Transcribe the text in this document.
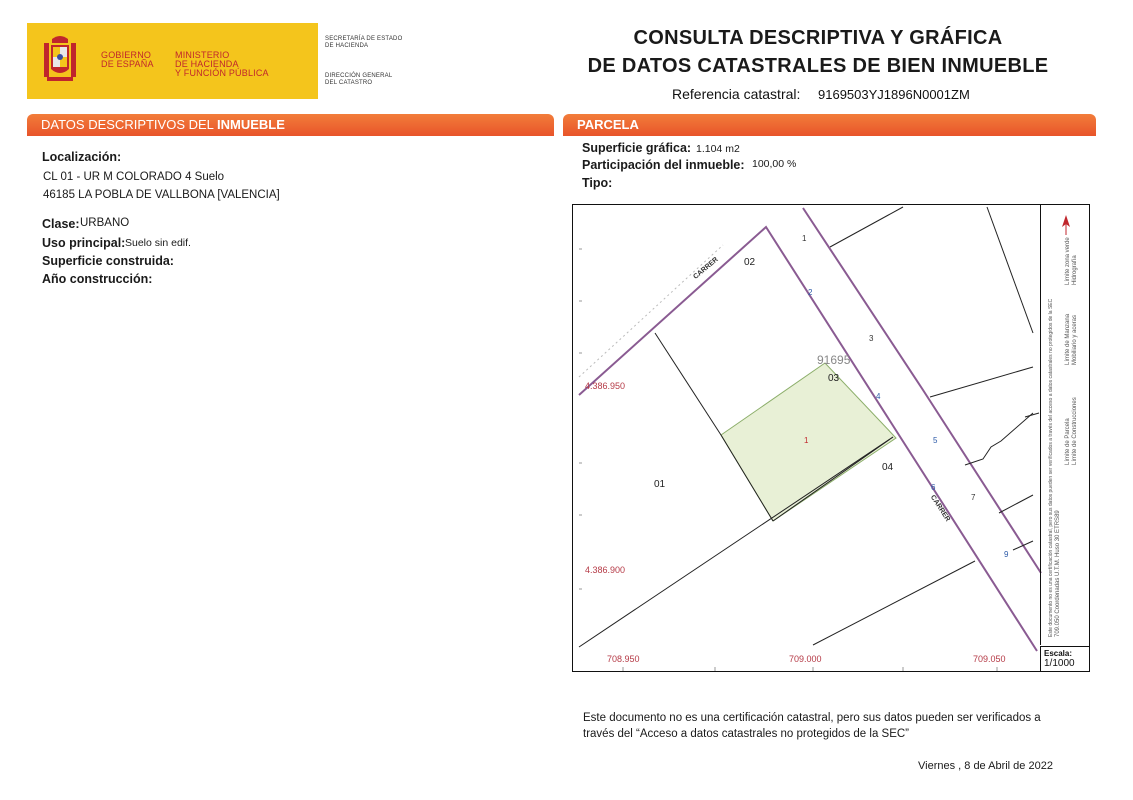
GOBIERNO
DE ESPAÑA
MINISTERIO
DE HACIENDA
Y FUNCIÓN PÚBLICA
SECRETARÍA DE ESTADO
DE HACIENDA
DIRECCIÓN GENERAL
DEL CATASTRO
CONSULTA DESCRIPTIVA Y GRÁFICA
DE DATOS CATASTRALES DE BIEN INMUEBLE
Referencia catastral: 9169503YJ1896N0001ZM
DATOS DESCRIPTIVOS DEL INMUEBLE	PARCELA
Localización:
CL 01 - UR M COLORADO 4 Suelo
46185 LA POBLA DE VALLBONA [VALENCIA]
Clase: URBANO
Uso principal: Suelo sin edif.
Superficie construida:
Año construcción:
Superficie gráfica: 1.104 m2
Participación del inmueble: 100,00 %
Tipo:
4.386.950
4.386.900
708.950	709.000	709.050
91695
01
02
03
04
1
CARRER
CARRER
1
2
3
4
5
6
7
9	709.050 Coordenadas U.T.M. Huso 30 ETRS89
Límite de Manzana
Límite de Parcela Límite de Construcciones
Mobiliario y aceras
Límite zona verde Hidrografía
Este documento no es una certificación catastral, pero sus datos pueden ser verificados a través del acceso a datos catastrales no protegidos de la SEC
Escala:
1/1000
Este documento no es una certificación catastral, pero sus datos pueden ser verificados a través del “Acceso a datos catastrales no protegidos de la SEC”
Viernes , 8 de Abril de 2022
